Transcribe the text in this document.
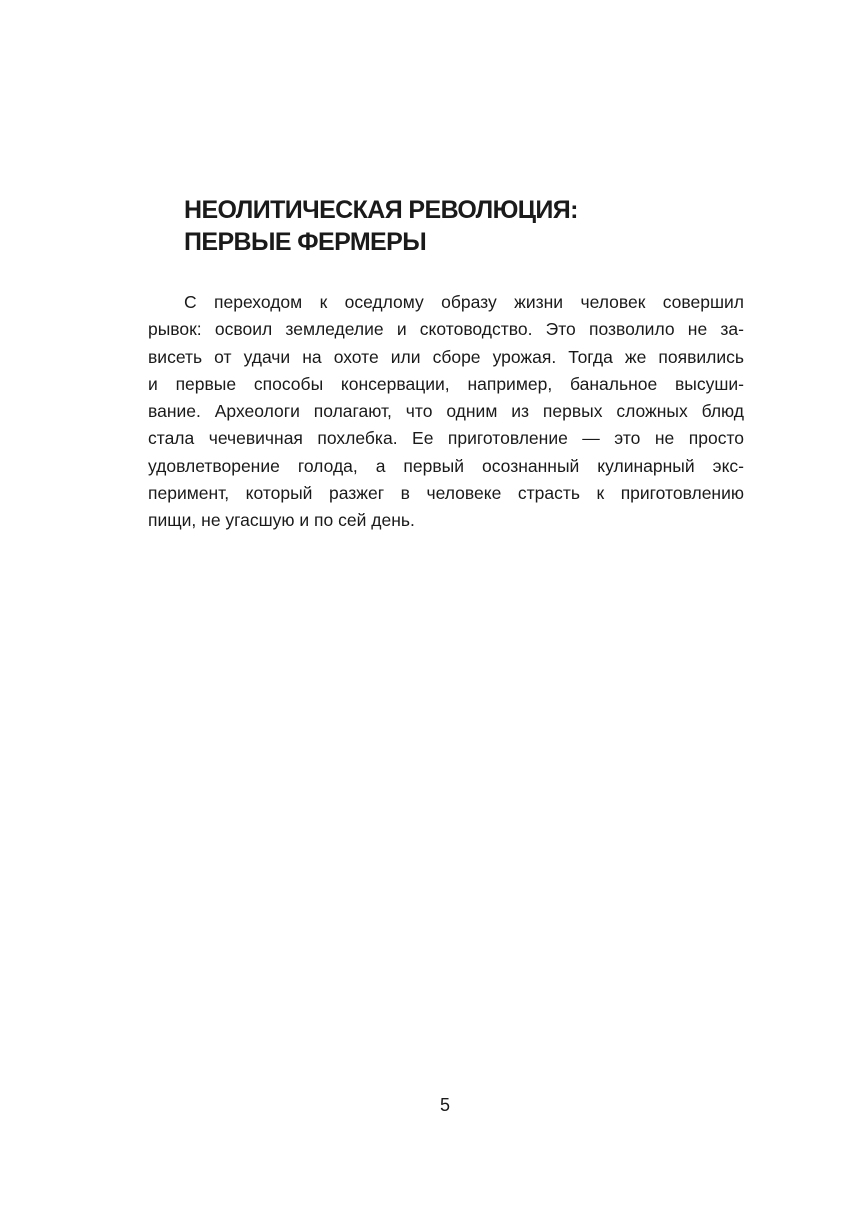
НЕОЛИТИЧЕСКАЯ РЕВОЛЮЦИЯ:
ПЕРВЫЕ ФЕРМЕРЫ

С переходом к оседлому образу жизни человек совершил
рывок: освоил земледелие и скотоводство. Это позволило не за-
висеть от удачи на охоте или сборе урожая. Тогда же появились
и первые способы консервации, например, банальное высуши-
вание. Археологи полагают, что одним из первых сложных блюд
стала чечевичная похлебка. Ее приготовление — это не просто
удовлетворение голода, а первый осознанный кулинарный экс-
перимент, который разжег в человеке страсть к приготовлению
пищи, не угасшую и по сей день.

5
